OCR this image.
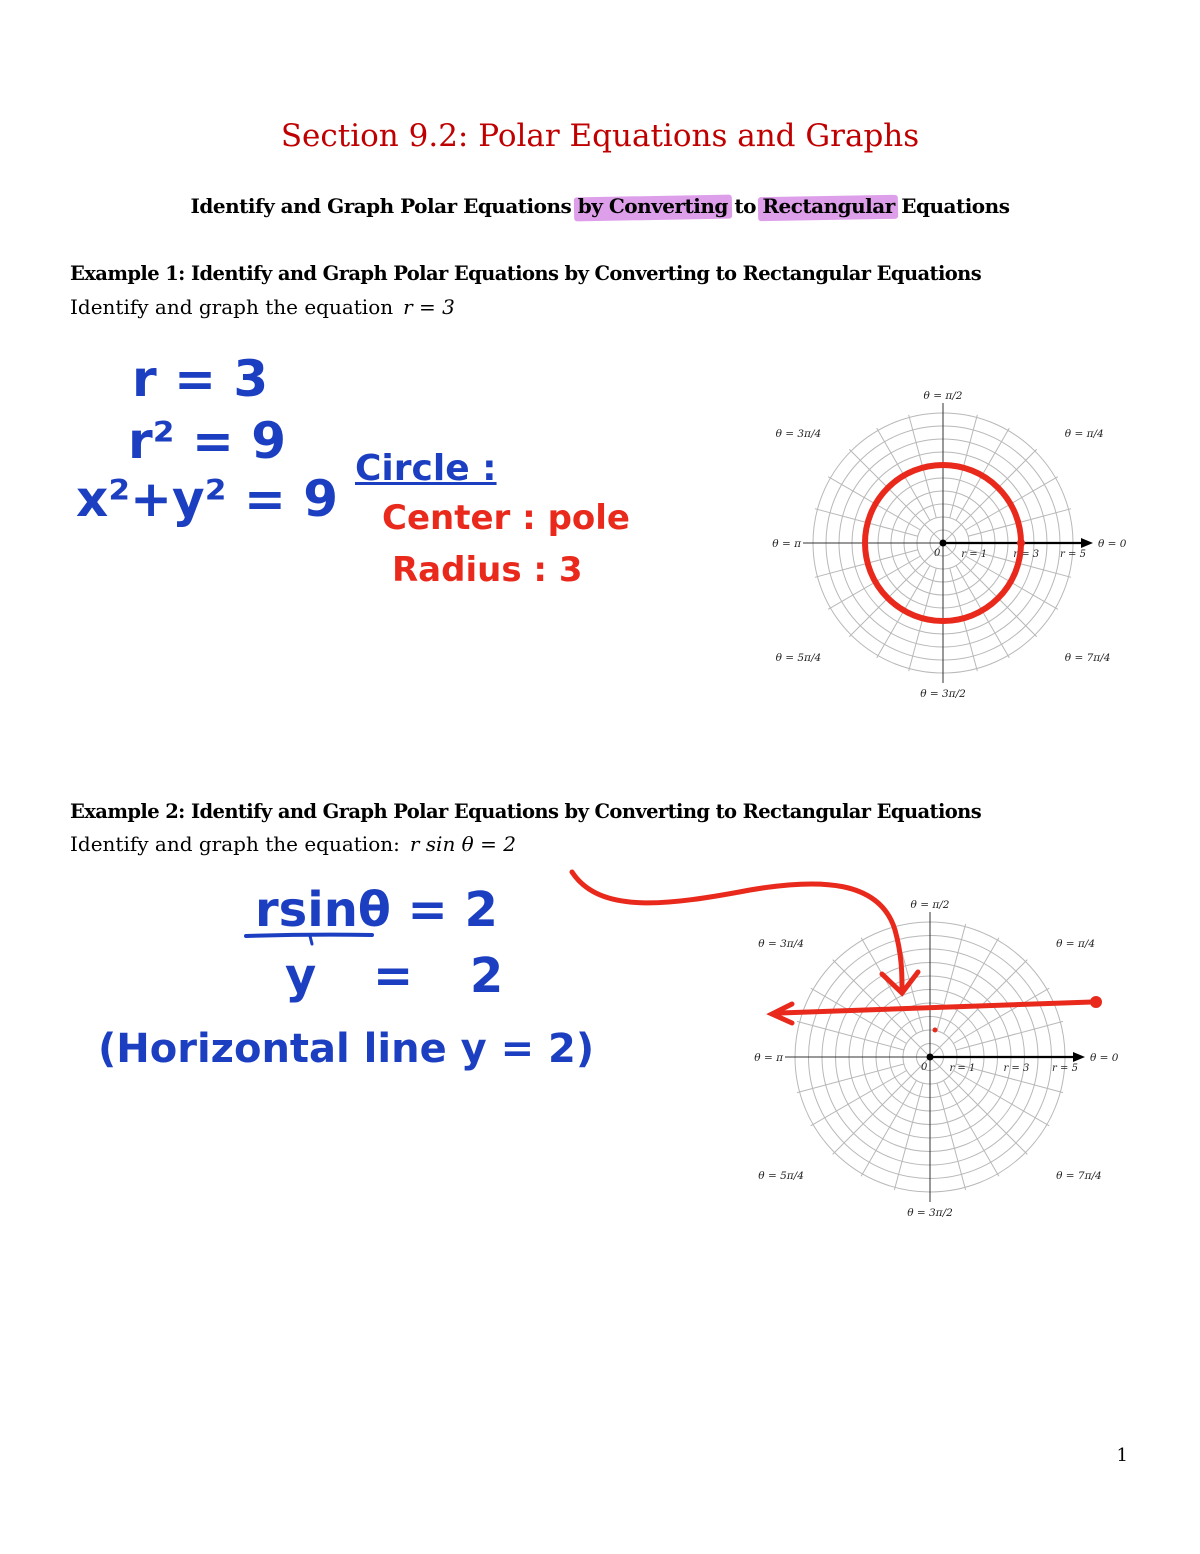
Section 9.2: Polar Equations and Graphs
Identify and Graph Polar Equations by Converting to Rectangular Equations
Example 1: Identify and Graph Polar Equations by Converting to Rectangular Equations
Identify and graph the equation r = 3
r = 3
r² = 9
x²+y² = 9
Circle :
Center : pole
Radius : 3
θ = 0
θ = π
θ = π/2
θ = 3π/2
θ = π/4
θ = 3π/4
θ = 5π/4	θ = 7π/4
r = 1	r = 3 r = 5
0
Example 2: Identify and Graph Polar Equations by Converting to Rectangular Equations
Identify and graph the equation: r sin θ = 2
rsinθ = 2
y = 2
(Horizontal line y = 2)	θ = 0
θ = π
θ = π/2
θ = 3π/2
θ = π/4
θ = 3π/4
θ = 5π/4	θ = 7π/4
r = 1	r = 3 r = 5
0
1
